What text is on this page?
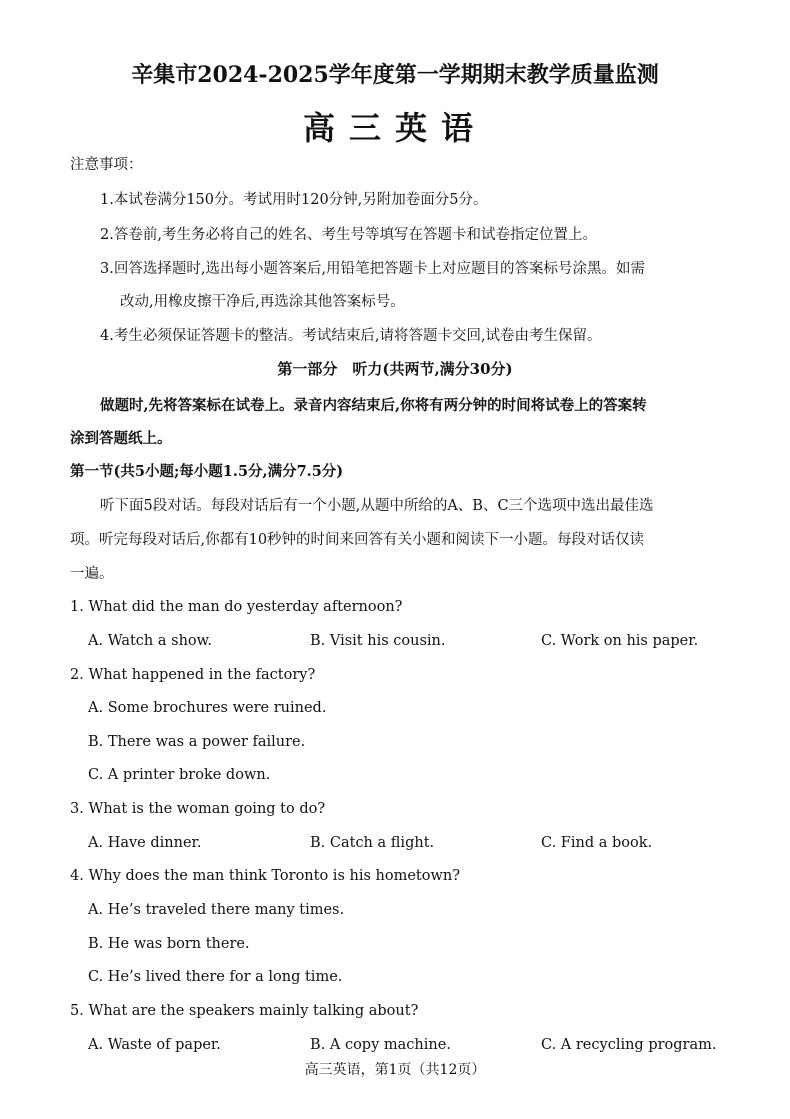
辛集市2024-2025学年度第一学期期末教学质量监测
高三英语
注意事项：
1.本试卷满分150分。考试用时120分钟,另附加卷面分5分。
2.答卷前,考生务必将自己的姓名、考生号等填写在答题卡和试卷指定位置上。
3.回答选择题时,选出每小题答案后,用铅笔把答题卡上对应题目的答案标号涂黑。如需
改动,用橡皮擦干净后,再选涂其他答案标号。
4.考生必须保证答题卡的整洁。考试结束后,请将答题卡交回,试卷由考生保留。
第一部分　听力(共两节,满分30分)
做题时,先将答案标在试卷上。录音内容结束后,你将有两分钟的时间将试卷上的答案转
涂到答题纸上。
第一节(共5小题;每小题1.5分,满分7.5分)
听下面5段对话。每段对话后有一个小题,从题中所给的A、B、C三个选项中选出最佳选
项。听完每段对话后,你都有10秒钟的时间来回答有关小题和阅读下一小题。每段对话仅读
一遍。
1. What did the man do yesterday afternoon?
A. Watch a show.	B. Visit his cousin.	C. Work on his paper.
2. What happened in the factory?
A. Some brochures were ruined.
B. There was a power failure.
C. A printer broke down.
3. What is the woman going to do?
A. Have dinner.	B. Catch a flight.	C. Find a book.
4. Why does the man think Toronto is his hometown?
A. He’s traveled there many times.
B. He was born there.
C. He’s lived there for a long time.
5. What are the speakers mainly talking about?
A. Waste of paper.	B. A copy machine.	C. A recycling program.
高三英语，第1页（共12页）
